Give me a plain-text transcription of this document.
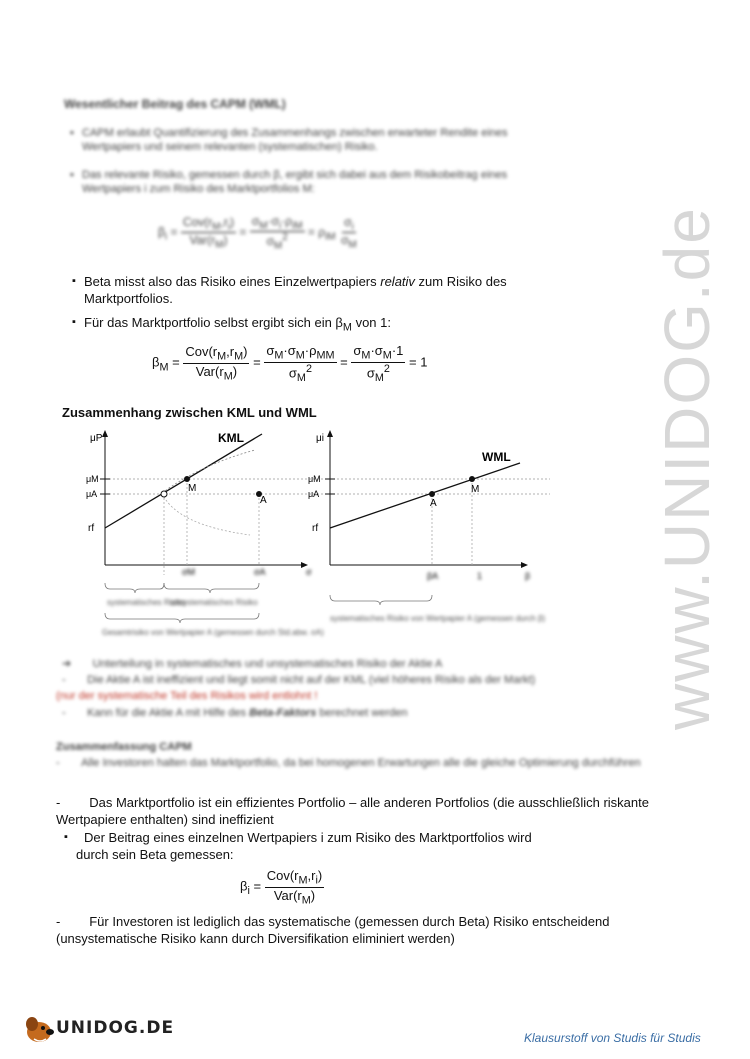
www.UNIDOG.de
Wesentlicher Beitrag des CAPM (WML)
▪ CAPM erlaubt Quantifizierung des Zusammenhangs zwischen erwarteter Rendite eines Wertpapiers und seinem relevanten (systematischen) Risiko.
▪ Das relevante Risiko, gemessen durch β, ergibt sich dabei aus dem Risikobeitrag eines Wertpapiers i zum Risiko des Marktportfolios M:
$\beta_i = \frac{Cov(r_M,r_i)}{Var(r_M)} = \frac{\sigma_M\cdot\sigma_i\cdot\rho_{iM}}{\sigma_M^2} = \rho_{iM} \frac{\sigma_i}{\sigma_M}$
Beta misst also das Risiko eines Einzelwertpapiers relativ zum Risiko des Marktportfolios.
Für das Marktportfolio selbst ergibt sich ein $\beta_M$ von 1:
$\beta_M = \frac{Cov(r_M,r_M)}{Var(r_M)} = \frac{\sigma_M\cdot\sigma_M\cdot\rho_{MM}}{\sigma_M^2} = \frac{\sigma_M\cdot\sigma_M\cdot 1}{\sigma_M^2} = 1$
Zusammenhang zwischen KML und WML
μP	KML
μM
μA
rf
M
A
σM	σA	σ
systematisches Risiko
unsystematisches Risiko
Gesamtrisiko von Wertpapier A (gemessen durch Std.abw. σA)
μi
WML
μM
μA
rf
A
M
βA	1	β
systematisches Risiko von Wertpapier A (gemessen durch β)
➔ Unterteilung in systematisches und unsystematisches Risiko der Aktie A
-       Die Aktie A ist ineffizient und liegt somit nicht auf der KML (viel höheres Risiko als der Markt)
(nur der systematische Teil des Risikos wird entlohnt !
-       Kann für die Aktie A mit Hilfe des Beta-Faktors berechnet werden
Zusammenfassung CAPM
-       Alle Investoren halten das Marktportfolio, da bei homogenen Erwartungen alle die gleiche Optimierung durchführen
-        Das Marktportfolio ist ein effizientes Portfolio – alle anderen Portfolios (die ausschließlich riskante Wertpapiere enthalten) sind ineffizient
Der Beitrag eines einzelnen Wertpapiers i zum Risiko des Marktportfolios wird
durch sein Beta gemessen:
$\beta_i = \frac{Cov(r_M,r_i)}{Var(r_M)}$
-        Für Investoren ist lediglich das systematische (gemessen durch Beta) Risiko entscheidend (unsystematische Risiko kann durch Diversifikation eliminiert werden)
UNIDOG.DE	Klausurstoff von Studis für Studis
